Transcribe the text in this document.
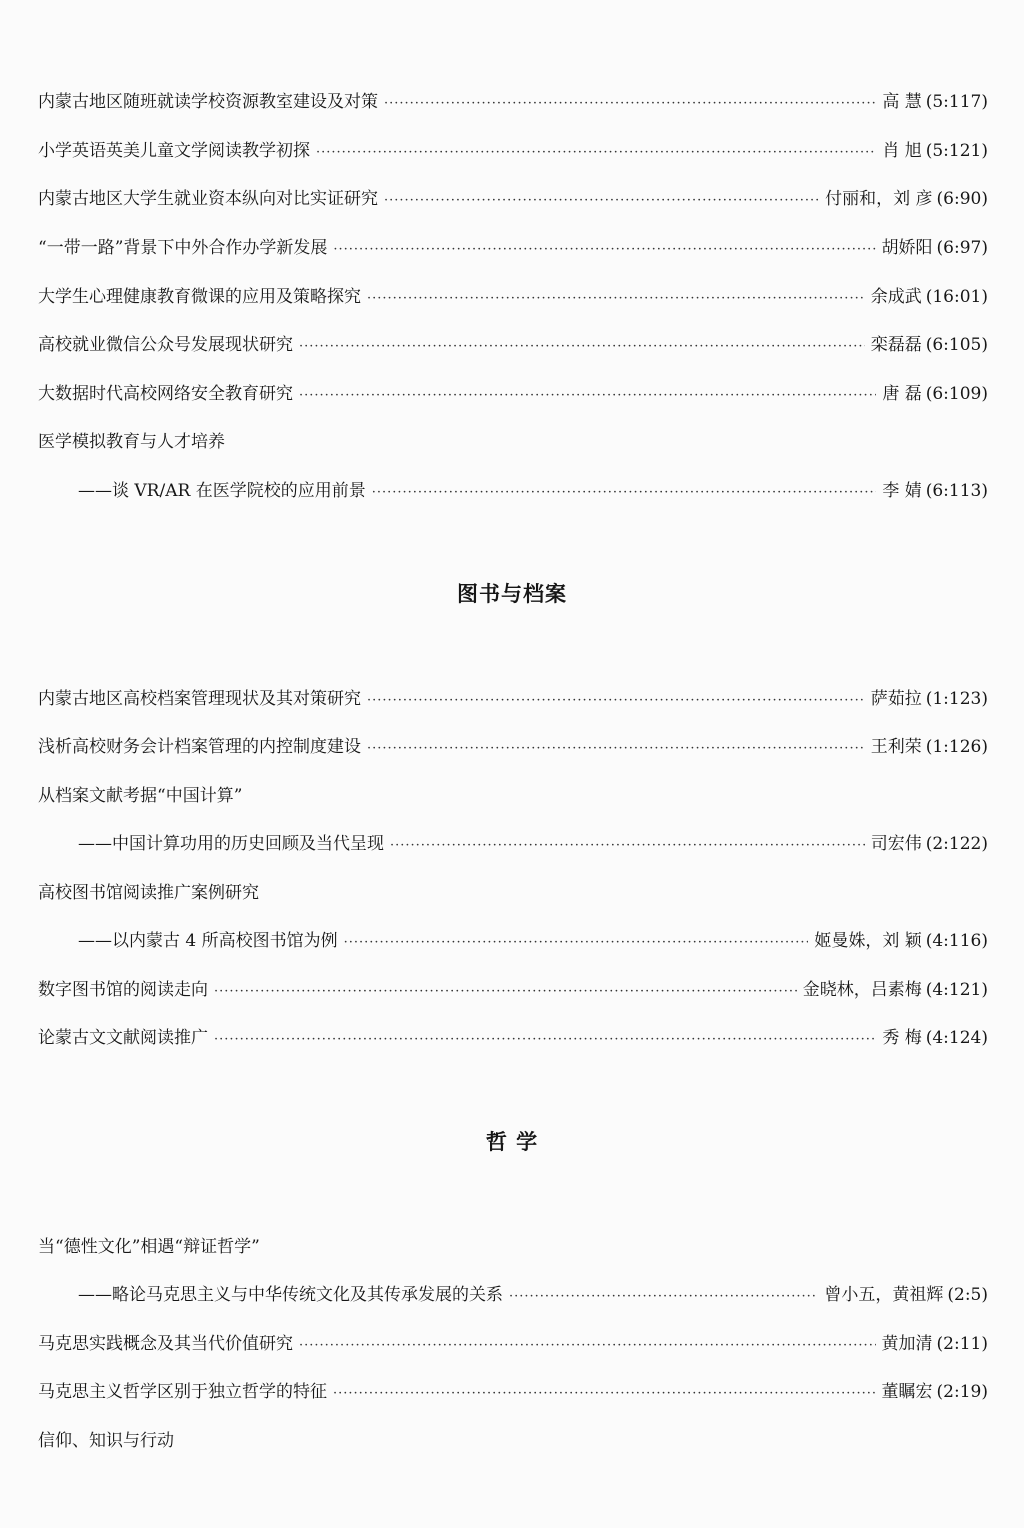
内蒙古地区随班就读学校资源教室建设及对策 ·····	高 慧 (5:117)
小学英语英美儿童文学阅读教学初探 ·····	肖 旭 (5:121)
内蒙古地区大学生就业资本纵向对比实证研究 ·····	付丽和，刘 彦 (6:90)
“一带一路”背景下中外合作办学新发展 ·····	胡娇阳 (6:97)
大学生心理健康教育微课的应用及策略探究 ·····	余成武 (16:01)
高校就业微信公众号发展现状研究 ·····	栾磊磊 (6:105)
大数据时代高校网络安全教育研究 ·····	唐 磊 (6:109)
医学模拟教育与人才培养
——谈 VR/AR 在医学院校的应用前景 ·····	李 婧 (6:113)
图书与档案
内蒙古地区高校档案管理现状及其对策研究 ·····	萨茹拉 (1:123)
浅析高校财务会计档案管理的内控制度建设 ·····	王利荣 (1:126)
从档案文献考据“中国计算”
——中国计算功用的历史回顾及当代呈现 ·····	司宏伟 (2:122)
高校图书馆阅读推广案例研究
——以内蒙古 4 所高校图书馆为例 ·····	姬曼姝，刘 颖 (4:116)
数字图书馆的阅读走向 ·····	金晓林，吕素梅 (4:121)
论蒙古文文献阅读推广 ·····	秀 梅 (4:124)
哲 学
当“德性文化”相遇“辩证哲学”
——略论马克思主义与中华传统文化及其传承发展的关系 ·····	曾小五，黄祖辉 (2:5)
马克思实践概念及其当代价值研究 ·····	黄加清 (2:11)
马克思主义哲学区别于独立哲学的特征 ·····	董瞩宏 (2:19)
信仰、知识与行动
